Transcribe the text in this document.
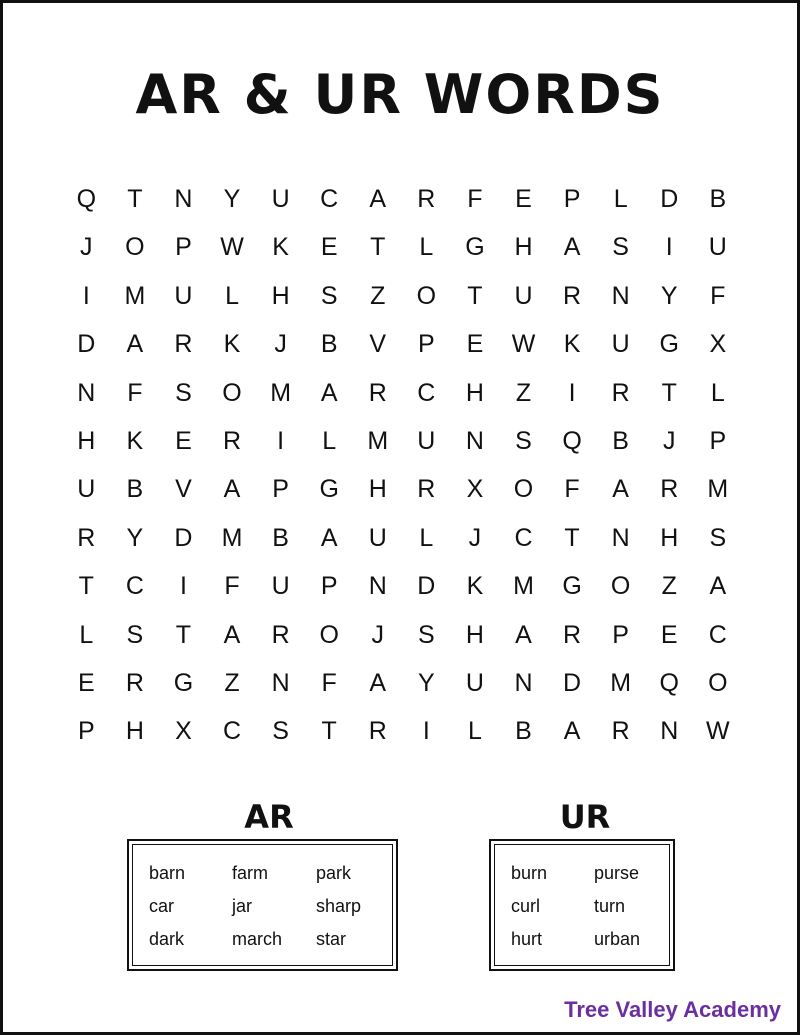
AR & UR WORDS
Q	T	N	Y	U	C	A	R	F	E	P	L	D	B
J	O	P	W	K	E	T	L	G	H	A	S	I	U
I	M	U	L	H	S	Z	O	T	U	R	N	Y	F
D	A	R	K	J	B	V	P	E	W	K	U	G	X
N	F	S	O	M	A	R	C	H	Z	I	R	T	L
H	K	E	R	I	L	M	U	N	S	Q	B	J	P
U	B	V	A	P	G	H	R	X	O	F	A	R	M
R	Y	D	M	B	A	U	L	J	C	T	N	H	S
T	C	I	F	U	P	N	D	K	M	G	O	Z	A
L	S	T	A	R	O	J	S	H	A	R	P	E	C
E	R	G	Z	N	F	A	Y	U	N	D	M	Q	O
P	H	X	C	S	T	R	I	L	B	A	R	N	W
AR
barn	farm	park
car	jar	sharp
dark	march	star
UR
burn	purse
curl	turn
hurt	urban
Tree Valley Academy
